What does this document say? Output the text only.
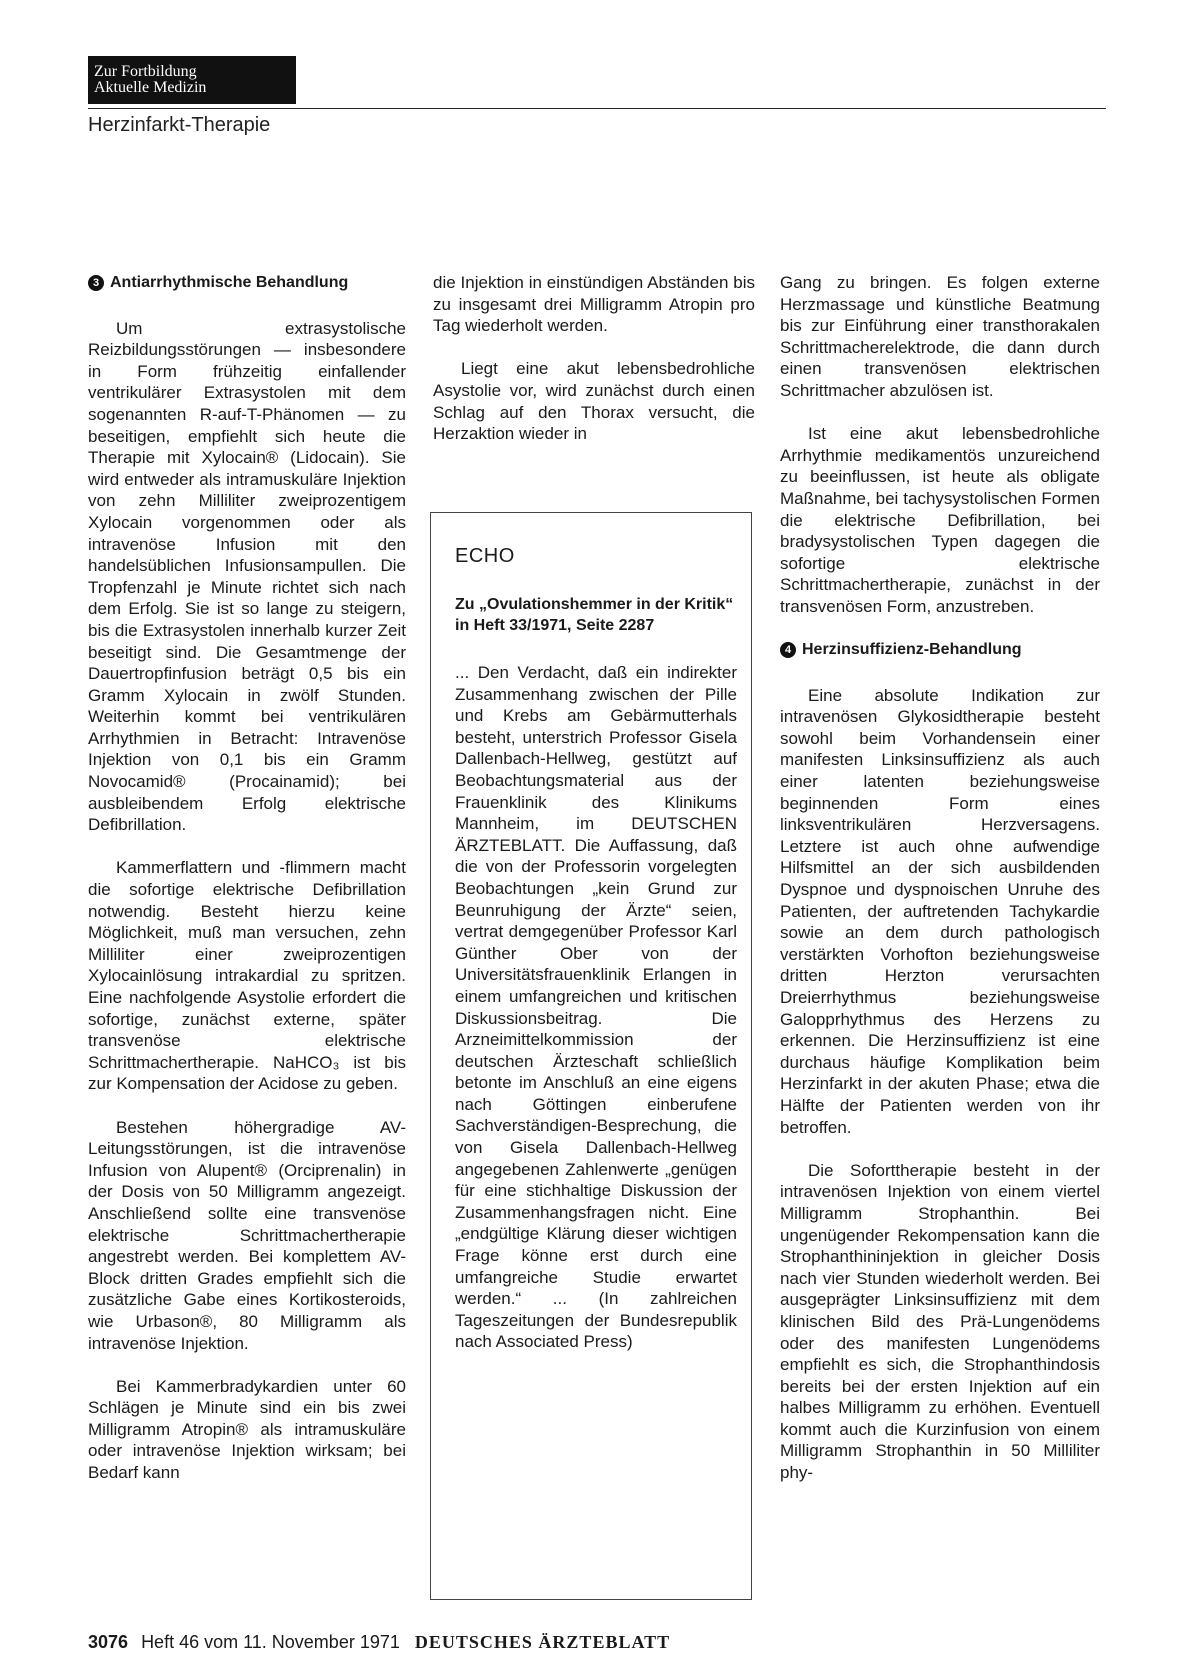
Zur Fortbildung
Aktuelle Medizin
Herzinfarkt-Therapie
3 Antiarrhythmische Behandlung

Um extrasystolische Reizbildungsstörungen — insbesondere in Form frühzeitig einfallender ventrikulärer Extrasystolen mit dem sogenannten R-auf-T-Phänomen — zu beseitigen, empfiehlt sich heute die Therapie mit Xylocain® (Lidocain). Sie wird entweder als intramuskuläre Injektion von zehn Milliliter zweiprozentigem Xylocain vorgenommen oder als intravenöse Infusion mit den handelsüblichen Infusionsampullen. Die Tropfenzahl je Minute richtet sich nach dem Erfolg. Sie ist so lange zu steigern, bis die Extrasystolen innerhalb kurzer Zeit beseitigt sind. Die Gesamtmenge der Dauertropfinfusion beträgt 0,5 bis ein Gramm Xylocain in zwölf Stunden. Weiterhin kommt bei ventrikulären Arrhythmien in Betracht: Intravenöse Injektion von 0,1 bis ein Gramm Novocamid® (Procainamid); bei ausbleibendem Erfolg elektrische Defibrillation.

Kammerflattern und -flimmern macht die sofortige elektrische Defibrillation notwendig. Besteht hierzu keine Möglichkeit, muß man versuchen, zehn Milliliter einer zweiprozentigen Xylocainlösung intrakardial zu spritzen. Eine nachfolgende Asystolie erfordert die sofortige, zunächst externe, später transvenöse elektrische Schrittmachertherapie. NaHCO₃ ist bis zur Kompensation der Acidose zu geben.

Bestehen höhergradige AV-Leitungsstörungen, ist die intravenöse Infusion von Alupent® (Orciprenalin) in der Dosis von 50 Milligramm angezeigt. Anschließend sollte eine transvenöse elektrische Schrittmachertherapie angestrebt werden. Bei komplettem AV-Block dritten Grades empfiehlt sich die zusätzliche Gabe eines Kortikosteroids, wie Urbason®, 80 Milligramm als intravenöse Injektion.

Bei Kammerbradykardien unter 60 Schlägen je Minute sind ein bis zwei Milligramm Atropin® als intramuskuläre oder intravenöse Injektion wirksam; bei Bedarf kann

die Injektion in einstündigen Abständen bis zu insgesamt drei Milligramm Atropin pro Tag wiederholt werden.

Liegt eine akut lebensbedrohliche Asystolie vor, wird zunächst durch einen Schlag auf den Thorax versucht, die Herzaktion wieder in

ECHO
Zu „Ovulationshemmer in der Kritik“ in Heft 33/1971, Seite 2287
... Den Verdacht, daß ein indirekter Zusammenhang zwischen der Pille und Krebs am Gebärmutterhals besteht, unterstrich Professor Gisela Dallenbach-Hellweg, gestützt auf Beobachtungsmaterial aus der Frauenklinik des Klinikums Mannheim, im DEUTSCHEN ÄRZTEBLATT. Die Auffassung, daß die von der Professorin vorgelegten Beobachtungen „kein Grund zur Beunruhigung der Ärzte“ seien, vertrat demgegenüber Professor Karl Günther Ober von der Universitätsfrauenklinik Erlangen in einem umfangreichen und kritischen Diskussionsbeitrag. Die Arzneimittelkommission der deutschen Ärzteschaft schließlich betonte im Anschluß an eine eigens nach Göttingen einberufene Sachverständigen-Besprechung, die von Gisela Dallenbach-Hellweg angegebenen Zahlenwerte „genügen für eine stichhaltige Diskussion der Zusammenhangsfragen nicht. Eine „endgültige Klärung dieser wichtigen Frage könne erst durch eine umfangreiche Studie erwartet werden.“ ... (In zahlreichen Tageszeitungen der Bundesrepublik nach Associated Press)

Gang zu bringen. Es folgen externe Herzmassage und künstliche Beatmung bis zur Einführung einer transthorakalen Schrittmacherelektrode, die dann durch einen transvenösen elektrischen Schrittmacher abzulösen ist.

Ist eine akut lebensbedrohliche Arrhythmie medikamentös unzureichend zu beeinflussen, ist heute als obligate Maßnahme, bei tachysystolischen Formen die elektrische Defibrillation, bei bradysystolischen Typen dagegen die sofortige elektrische Schrittmachertherapie, zunächst in der transvenösen Form, anzustreben.

4 Herzinsuffizienz-Behandlung

Eine absolute Indikation zur intravenösen Glykosidtherapie besteht sowohl beim Vorhandensein einer manifesten Linksinsuffizienz als auch einer latenten beziehungsweise beginnenden Form eines linksventrikulären Herzversagens. Letztere ist auch ohne aufwendige Hilfsmittel an der sich ausbildenden Dyspnoe und dyspnoischen Unruhe des Patienten, der auftretenden Tachykardie sowie an dem durch pathologisch verstärkten Vorhofton beziehungsweise dritten Herzton verursachten Dreierrhythmus beziehungsweise Galopprhythmus des Herzens zu erkennen. Die Herzinsuffizienz ist eine durchaus häufige Komplikation beim Herzinfarkt in der akuten Phase; etwa die Hälfte der Patienten werden von ihr betroffen.

Die Soforttherapie besteht in der intravenösen Injektion von einem viertel Milligramm Strophanthin. Bei ungenügender Rekompensation kann die Strophanthininjektion in gleicher Dosis nach vier Stunden wiederholt werden. Bei ausgeprägter Linksinsuffizienz mit dem klinischen Bild des Prä-Lungenödems oder des manifesten Lungenödems empfiehlt es sich, die Strophanthindosis bereits bei der ersten Injektion auf ein halbes Milligramm zu erhöhen. Eventuell kommt auch die Kurzinfusion von einem Milligramm Strophanthin in 50 Milliliter phy-

3076 Heft 46 vom 11. November 1971 DEUTSCHES ÄRZTEBLATT
